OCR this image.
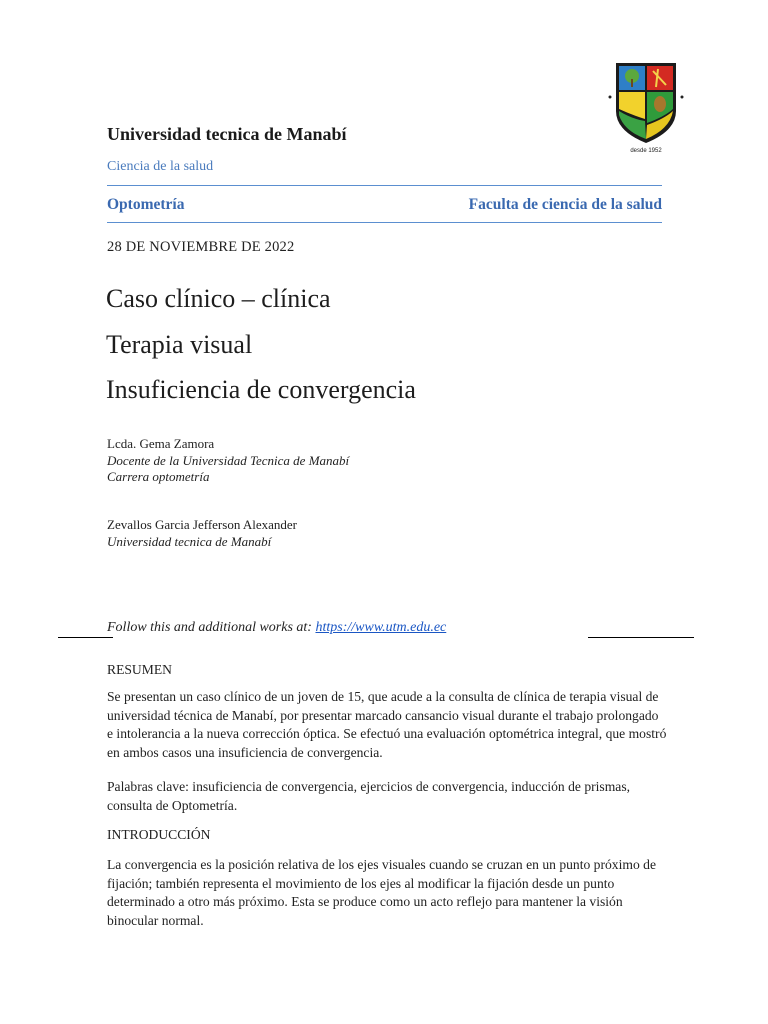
desde 1952
Universidad tecnica de Manabí
Ciencia de la salud
Optometría	Faculta de ciencia de la salud
28 DE NOVIEMBRE DE 2022
Caso clínico – clínica
Terapia visual
Insuficiencia de convergencia
Lcda. Gema Zamora
Docente de la Universidad Tecnica de Manabí
Carrera optometría
Zevallos Garcia Jefferson Alexander
Universidad tecnica de Manabí
Follow this and additional works at: https://www.utm.edu.ec
RESUMEN

Se presentan un caso clínico de un joven de 15, que acude a la consulta de clínica de terapia visual de universidad técnica de Manabí, por presentar marcado cansancio visual durante el trabajo prolongado e intolerancia a la nueva corrección óptica. Se efectuó una evaluación optométrica integral, que mostró en ambos casos una insuficiencia de convergencia.

Palabras clave: insuficiencia de convergencia, ejercicios de convergencia, inducción de prismas, consulta de Optometría.

INTRODUCCIÓN

La convergencia es la posición relativa de los ejes visuales cuando se cruzan en un punto próximo de fijación; también representa el movimiento de los ejes al modificar la fijación desde un punto determinado a otro más próximo. Esta se produce como un acto reflejo para mantener la visión binocular normal.
